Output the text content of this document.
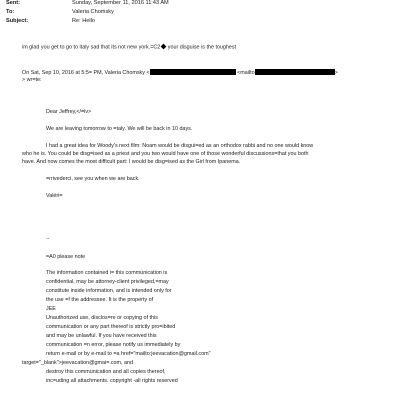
Sent:	Sunday, September 11, 2016 11:43 AM
To:	Valeria Chomsky
Subject:	Re: Hello
im glad you get to go to italy sad that its not new york.=C2 your disguise is the toughest
On Sat, Sep 10, 2016 at 5:5= PM, Valeria Chomsky <	<mailto	>
> wr=te:
Dear Jeffrey,</=iv>
We are leaving tomorrow to =taly. We will be back in 10 days.
I had a great idea for Woody's next film: Noam would be disgui=ed as an orthodox rabbi and no one would know
who he is. You could be disg=ised as a priest and you two would have one of those wonderful discussions=that you both
have. And now comes the most difficult part: I would be disg=ised as the Girl from Ipanema.
=rrivederci, see you when we are back.
Valéri=
--
=A0 please note
The information contained i= this communication is
confidential, may be attorney-client privileged,=may
constitute inside information, and is intended only for
the use =f the addressee. It is the property of
JEE
Unauthorized use, disclos=re or copying of this
communication or any part thereof is strictly pro=ibited
and may be unlawful. If you have received this
communication =n error, please notify us immediately by
return e-mail or by e-mail to =a href="mailto:jeevacation@gmail.com"
target="_blank">jeevacation@gmai=.com, and
destroy this communication and all copies thereof,
inc=uding all attachments. copyright -all rights reserved
